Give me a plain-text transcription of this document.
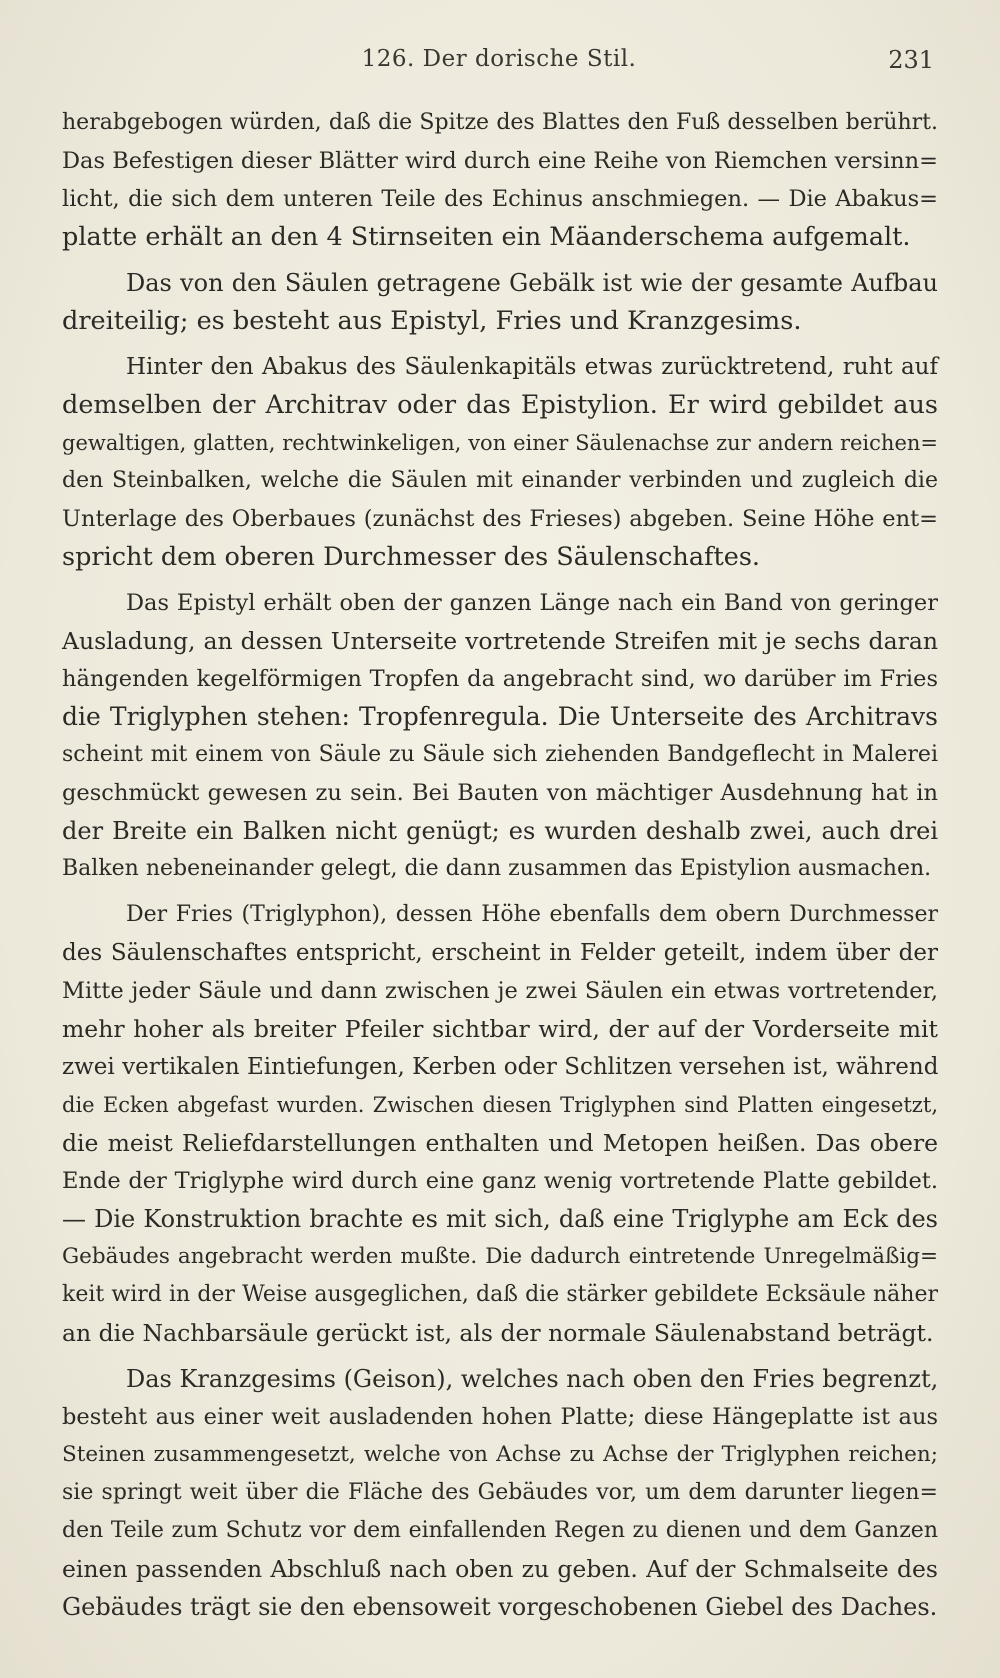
126. Der dorische Stil.	231
herabgebogen würden, daß die Spitze des Blattes den Fuß desselben berührt.
Das Befestigen dieser Blätter wird durch eine Reihe von Riemchen versinn=
licht, die sich dem unteren Teile des Echinus anschmiegen. — Die Abakus=
platte erhält an den 4 Stirnseiten ein Mäanderschema aufgemalt.
Das von den Säulen getragene Gebälk ist wie der gesamte Aufbau
dreiteilig; es besteht aus Epistyl, Fries und Kranzgesims.
Hinter den Abakus des Säulenkapitäls etwas zurücktretend, ruht auf
demselben der Architrav oder das Epistylion. Er wird gebildet aus
gewaltigen, glatten, rechtwinkeligen, von einer Säulenachse zur andern reichen=
den Steinbalken, welche die Säulen mit einander verbinden und zugleich die
Unterlage des Oberbaues (zunächst des Frieses) abgeben. Seine Höhe ent=
spricht dem oberen Durchmesser des Säulenschaftes.
Das Epistyl erhält oben der ganzen Länge nach ein Band von geringer
Ausladung, an dessen Unterseite vortretende Streifen mit je sechs daran
hängenden kegelförmigen Tropfen da angebracht sind, wo darüber im Fries
die Triglyphen stehen: Tropfenregula. Die Unterseite des Architravs
scheint mit einem von Säule zu Säule sich ziehenden Bandgeflecht in Malerei
geschmückt gewesen zu sein. Bei Bauten von mächtiger Ausdehnung hat in
der Breite ein Balken nicht genügt; es wurden deshalb zwei, auch drei
Balken nebeneinander gelegt, die dann zusammen das Epistylion ausmachen.
Der Fries (Triglyphon), dessen Höhe ebenfalls dem obern Durchmesser
des Säulenschaftes entspricht, erscheint in Felder geteilt, indem über der
Mitte jeder Säule und dann zwischen je zwei Säulen ein etwas vortretender,
mehr hoher als breiter Pfeiler sichtbar wird, der auf der Vorderseite mit
zwei vertikalen Eintiefungen, Kerben oder Schlitzen versehen ist, während
die Ecken abgefast wurden. Zwischen diesen Triglyphen sind Platten eingesetzt,
die meist Reliefdarstellungen enthalten und Metopen heißen. Das obere
Ende der Triglyphe wird durch eine ganz wenig vortretende Platte gebildet.
— Die Konstruktion brachte es mit sich, daß eine Triglyphe am Eck des
Gebäudes angebracht werden mußte. Die dadurch eintretende Unregelmäßig=
keit wird in der Weise ausgeglichen, daß die stärker gebildete Ecksäule näher
an die Nachbarsäule gerückt ist, als der normale Säulenabstand beträgt.
Das Kranzgesims (Geison), welches nach oben den Fries begrenzt,
besteht aus einer weit ausladenden hohen Platte; diese Hängeplatte ist aus
Steinen zusammengesetzt, welche von Achse zu Achse der Triglyphen reichen;
sie springt weit über die Fläche des Gebäudes vor, um dem darunter liegen=
den Teile zum Schutz vor dem einfallenden Regen zu dienen und dem Ganzen
einen passenden Abschluß nach oben zu geben. Auf der Schmalseite des
Gebäudes trägt sie den ebensoweit vorgeschobenen Giebel des Daches.
